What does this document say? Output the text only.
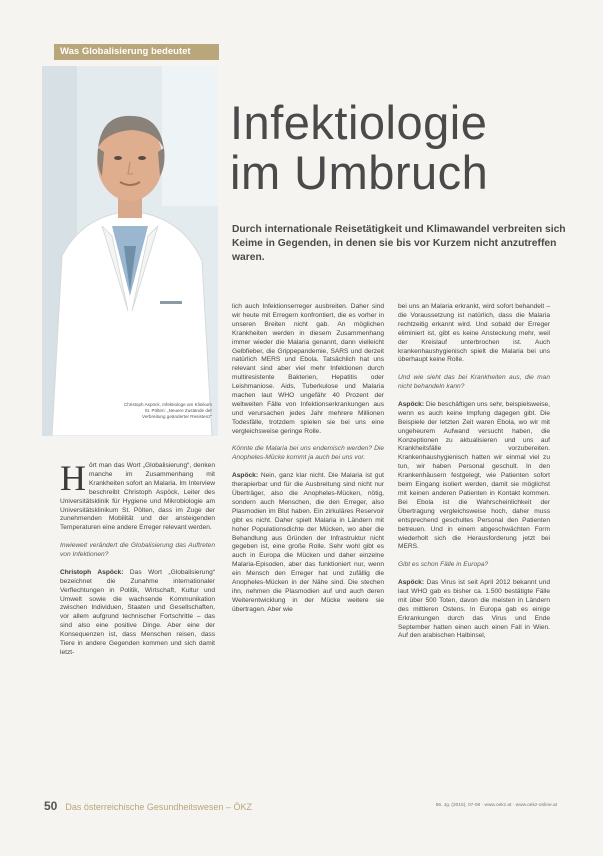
Was Globalisierung bedeutet
Christoph Aspöck, Infektiologe am Klinikum St. Pölten: „Neuere Zustände der Verbreitung geänderter Resistenz“
Infektiologie
im Umbruch

Durch internationale Reisetätigkeit und Klimawandel verbreiten sich Keime in Gegenden, in denen sie bis vor Kurzem nicht anzutreffen waren.

Hört man das Wort „Globalisierung“, denken manche im Zusammenhang mit Krankheiten sofort an Malaria. Im Interview beschreibt Christoph Aspöck, Leiter des Universitätsklinik für Hygiene und Mikrobiologie am Universitätsklinikum St. Pölten, dass im Zuge der zunehmenden Mobilität und der ansteigenden Temperaturen eine andere Erreger relevant werden.

Inwieweit verändert die Globalisierung das Auftreten von Infektionen?

Christoph Aspöck: Das Wort „Globalisierung“ bezeichnet die Zunahme internationaler Verflechtungen in Politik, Wirtschaft, Kultur und Umwelt sowie die wachsende Kommunikation zwischen Individuen, Staaten und Gesellschaften, vor allem aufgrund technischer Fortschritte – das sind also eine positive Dinge. Aber eine der Konsequenzen ist, dass Menschen reisen, dass Tiere in andere Gegenden kommen und sich damit letzt-

lich auch Infektionserreger ausbreiten. Daher sind wir heute mit Erregern konfrontiert, die es vorher in unseren Breiten nicht gab. An möglichen Krankheiten werden in diesem Zusammenhang immer wieder die Malaria genannt, dann vielleicht Gelbfieber, die Grippepandemie, SARS und derzeit natürlich MERS und Ebola. Tatsächlich hat uns relevant sind aber viel mehr Infektionen durch multiresistente Bakterien, Hepatitis oder Leishmaniose. Aids, Tuberkulose und Malaria machen laut WHO ungefähr 40 Prozent der weltweiten Fälle von Infektionserkrankungen aus und verursachen jedes Jahr mehrere Millionen Todesfälle, trotzdem spielen sie bei uns eine vergleichsweise geringe Rolle.

Könnte die Malaria bei uns endemisch werden? Die Anopheles-Mücke kommt ja auch bei uns vor.

Aspöck: Nein, ganz klar nicht. Die Malaria ist gut therapierbar und für die Ausbreitung sind nicht nur Überträger, also die Anopheles-Mücken, nötig, sondern auch Menschen, die den Erreger, also Plasmodien im Blut haben. Ein zirkuläres Reservoir gibt es nicht. Daher spielt Malaria in Ländern mit hoher Populationsdichte der Mücken, wo aber die Behandlung aus Gründen der Infrastruktur nicht gegeben ist, eine große Rolle. Sehr wohl gibt es auch in Europa die Mücken und daher einzelne Malaria-Episoden, aber das funktioniert nur, wenn ein Mensch den Erreger hat und zufällig die Anopheles-Mücken in der Nähe sind. Die stechen ihn, nehmen die Plasmodien auf und auch deren Weiterentwicklung in der Mücke weitere sie übertragen. Aber wie

bei uns an Malaria erkrankt, wird sofort behandelt – die Voraussetzung ist natürlich, dass die Malaria rechtzeitig erkannt wird. Und sobald der Erreger eliminiert ist, gibt es keine Ansteckung mehr, weil der Kreislauf unterbrochen ist. Auch krankenhaushygienisch spielt die Malaria bei uns überhaupt keine Rolle.

Und wie sieht das bei Krankheiten aus, die man nicht behandeln kann?

Aspöck: Die beschäftigen uns sehr, beispielsweise, wenn es auch keine Impfung dagegen gibt. Die Beispiele der letzten Zeit waren Ebola, wo wir mit ungeheurem Aufwand versucht haben, die Konzeptionen zu aktualisieren und uns auf Krankheitsfälle vorzubereiten. Krankenhaushygienisch hatten wir einmal viel zu tun, wir haben Personal geschult. In den Krankenhäusern festgelegt, wie Patienten sofort beim Eingang isoliert werden, damit sie möglichst mit keinen anderen Patienten in Kontakt kommen. Bei Ebola ist die Wahrscheinlichkeit der Übertragung vergleichsweise hoch, daher muss entsprechend geschultes Personal den Patienten betreuen. Und in einem abgeschwächten Form wiederholt sich die Herausforderung jetzt bei MERS.

Gibt es schon Fälle in Europa?

Aspöck: Das Virus ist seit April 2012 bekannt und laut WHO gab es bisher ca. 1.500 bestätigte Fälle mit über 500 Toten, davon die meisten in Ländern des mittleren Ostens. In Europa gab es einige Erkrankungen durch das Virus und Ende September hatten einen auch einen Fall in Wien. Auf den arabischen Halbinsel,

50 Das österreichische Gesundheitswesen – ÖKZ	56. Jg. (2015), 07-08 · www.oekz.at · www.oekz-online.at
